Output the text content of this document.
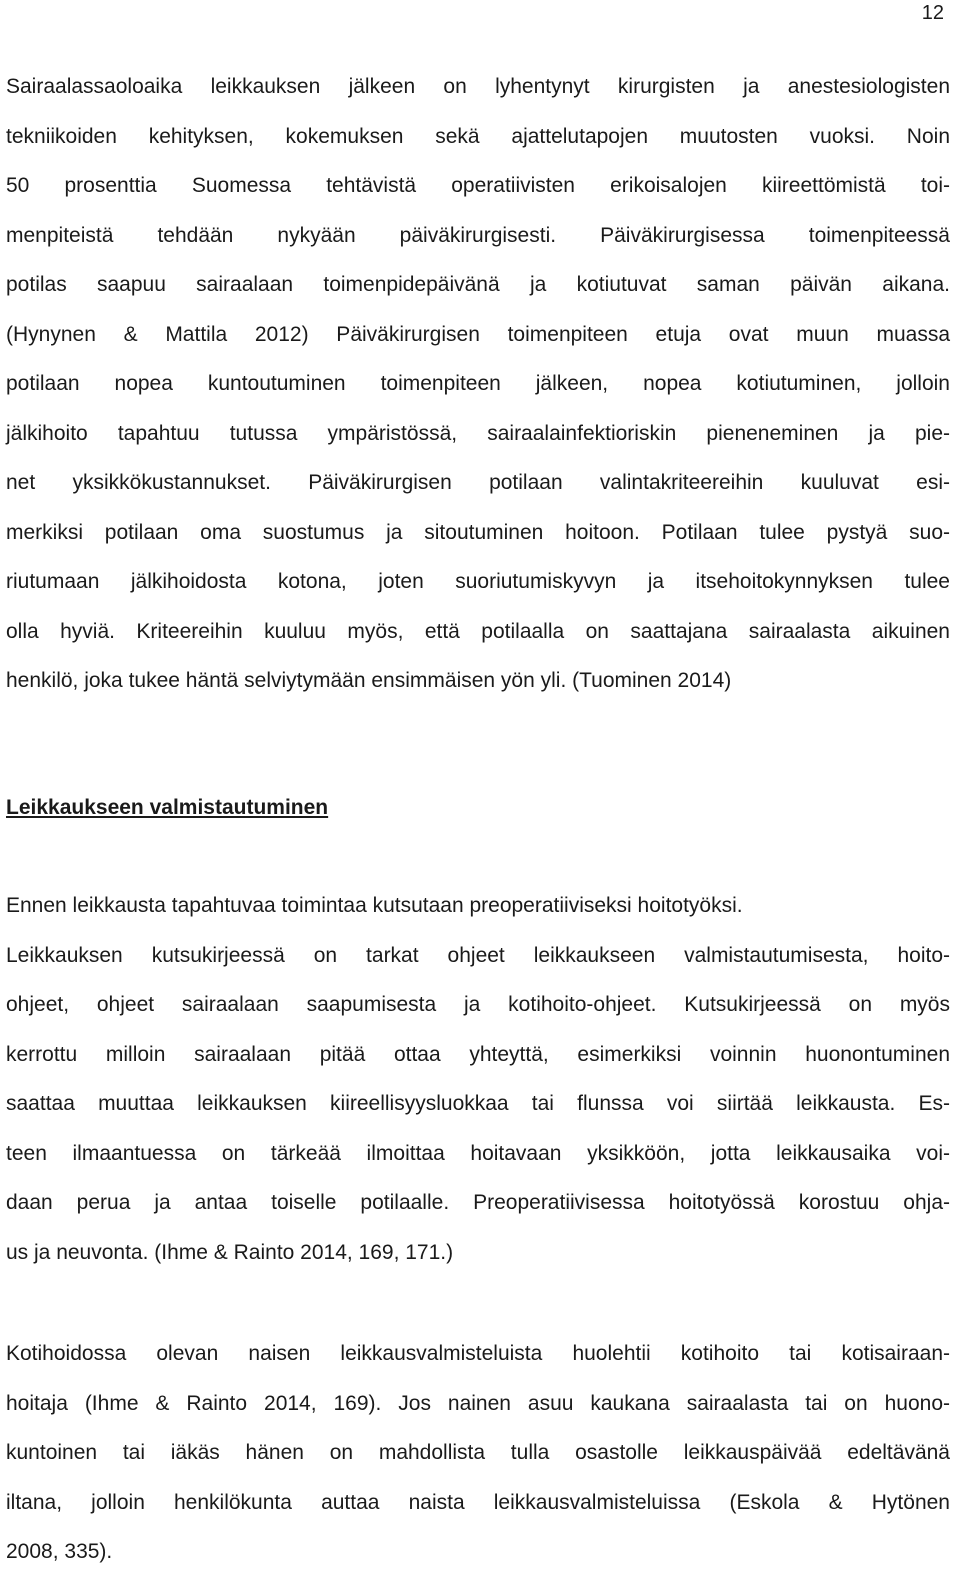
12
Sairaalassaoloaika leikkauksen jälkeen on lyhentynyt kirurgisten ja anestesiologisten
tekniikoiden kehityksen, kokemuksen sekä ajattelutapojen muutosten vuoksi. Noin
50 prosenttia Suomessa tehtävistä operatiivisten erikoisalojen kiireettömistä toi-
menpiteistä tehdään nykyään päiväkirurgisesti. Päiväkirurgisessa toimenpiteessä
potilas saapuu sairaalaan toimenpidepäivänä ja kotiutuvat saman päivän aikana.
(Hynynen & Mattila 2012) Päiväkirurgisen toimenpiteen etuja ovat muun muassa
potilaan nopea kuntoutuminen toimenpiteen jälkeen, nopea kotiutuminen, jolloin
jälkihoito tapahtuu tutussa ympäristössä, sairaalainfektioriskin pieneneminen ja pie-
net yksikkökustannukset. Päiväkirurgisen potilaan valintakriteereihin kuuluvat esi-
merkiksi potilaan oma suostumus ja sitoutuminen hoitoon. Potilaan tulee pystyä suo-
riutumaan jälkihoidosta kotona, joten suoriutumiskyvyn ja itsehoitokynnyksen tulee
olla hyviä. Kriteereihin kuuluu myös, että potilaalla on saattajana sairaalasta aikuinen
henkilö, joka tukee häntä selviytymään ensimmäisen yön yli. (Tuominen 2014)
Leikkaukseen valmistautuminen
Ennen leikkausta tapahtuvaa toimintaa kutsutaan preoperatiiviseksi hoitotyöksi.
Leikkauksen kutsukirjeessä on tarkat ohjeet leikkaukseen valmistautumisesta, hoito-
ohjeet, ohjeet sairaalaan saapumisesta ja kotihoito-ohjeet. Kutsukirjeessä on myös
kerrottu milloin sairaalaan pitää ottaa yhteyttä, esimerkiksi voinnin huonontuminen
saattaa muuttaa leikkauksen kiireellisyysluokkaa tai flunssa voi siirtää leikkausta. Es-
teen ilmaantuessa on tärkeää ilmoittaa hoitavaan yksikköön, jotta leikkausaika voi-
daan perua ja antaa toiselle potilaalle. Preoperatiivisessa hoitotyössä korostuu ohja-
us ja neuvonta. (Ihme & Rainto 2014, 169, 171.)
Kotihoidossa olevan naisen leikkausvalmisteluista huolehtii kotihoito tai kotisairaan-
hoitaja (Ihme & Rainto 2014, 169). Jos nainen asuu kaukana sairaalasta tai on huono-
kuntoinen tai iäkäs hänen on mahdollista tulla osastolle leikkauspäivää edeltävänä
iltana, jolloin henkilökunta auttaa naista leikkausvalmisteluissa (Eskola & Hytönen
2008, 335).
